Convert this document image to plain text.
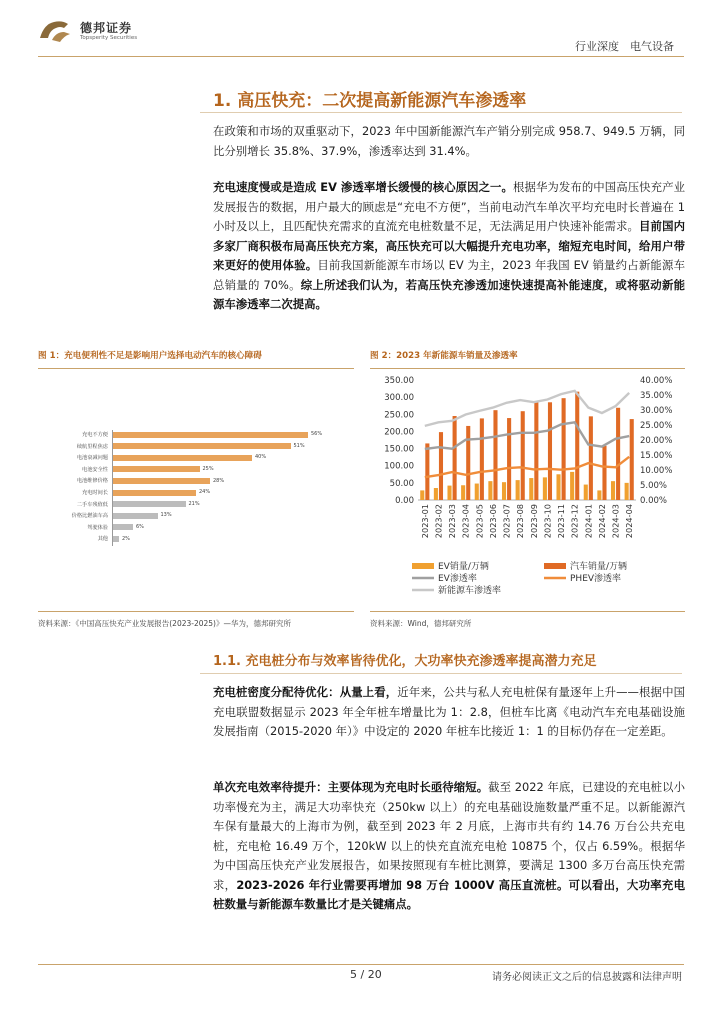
德邦证券
Topsperity Securities
行业深度　电气设备
1. 高压快充：二次提高新能源汽车渗透率
在政策和市场的双重驱动下，2023 年中国新能源汽车产销分别完成 958.7、949.5 万辆，同比分别增长 35.8%、37.9%，渗透率达到 31.4%。
充电速度慢或是造成 EV 渗透率增长缓慢的核心原因之一。根据华为发布的中国高压快充产业发展报告的数据，用户最大的顾虑是“充电不方便”，当前电动汽车单次平均充电时长普遍在 1 小时及以上，且匹配快充需求的直流充电桩数量不足，无法满足用户快速补能需求。目前国内多家厂商积极布局高压快充方案，高压快充可以大幅提升充电功率，缩短充电时间，给用户带来更好的使用体验。目前我国新能源车市场以 EV 为主，2023 年我国 EV 销量约占新能源车总销量的 70%。综上所述我们认为，若高压快充渗透加速快速提高补能速度，或将驱动新能源车渗透率二次提高。
图 1：充电便利性不足是影响用户选择电动汽车的核心障碍
充电不方便	56%
续航里程焦虑	51%
电池衰减问题	40%
电池安全性	25%
电池维修价格	28%
充电时间长	24%
二手车残值低	21%
价格比燃油车高	13%
驾驶体验	6%
其他	2%
资料来源：《中国高压快充产业发展报告(2023-2025)》—华为，德邦研究所
图 2：2023 年新能源车销量及渗透率
0.00
50.00
100.00
150.00
200.00
250.00
300.00
350.00
0.00%
5.00%
10.00%
15.00%
20.00%
25.00%
30.00%
35.00%
40.00%
2023-01 2023-02 2023-03 2023-04 2023-05 2023-06 2023-07 2023-08 2023-09 2023-10 2023-11 2023-12 2024-01 2024-02 2024-03 2024-04
EV销量/万辆	汽车销量/万辆
EV渗透率	PHEV渗透率
新能源车渗透率
资料来源：Wind，德邦研究所
1.1. 充电桩分布与效率皆待优化，大功率快充渗透率提高潜力充足
充电桩密度分配待优化：从量上看，近年来，公共与私人充电桩保有量逐年上升——根据中国充电联盟数据显示 2023 年全年桩车增量比为 1：2.8，但桩车比离《电动汽车充电基础设施发展指南（2015-2020 年）》中设定的 2020 年桩车比接近 1：1 的目标仍存在一定差距。
单次充电效率待提升：主要体现为充电时长亟待缩短。截至 2022 年底，已建设的充电桩以小功率慢充为主，满足大功率快充（250kw 以上）的充电基础设施数量严重不足。以新能源汽车保有量最大的上海市为例，截至到 2023 年 2 月底，上海市共有约 14.76 万台公共充电桩，充电枪 16.49 万个，120kW 以上的快充直流充电枪 10875 个，仅占 6.59%。根据华为中国高压快充产业发展报告，如果按照现有车桩比测算，要满足 1300 多万台高压快充需求，2023-2026 年行业需要再增加 98 万台 1000V 高压直流桩。可以看出，大功率充电桩数量与新能源车数量比才是关键痛点。
5 / 20	请务必阅读正文之后的信息披露和法律声明
